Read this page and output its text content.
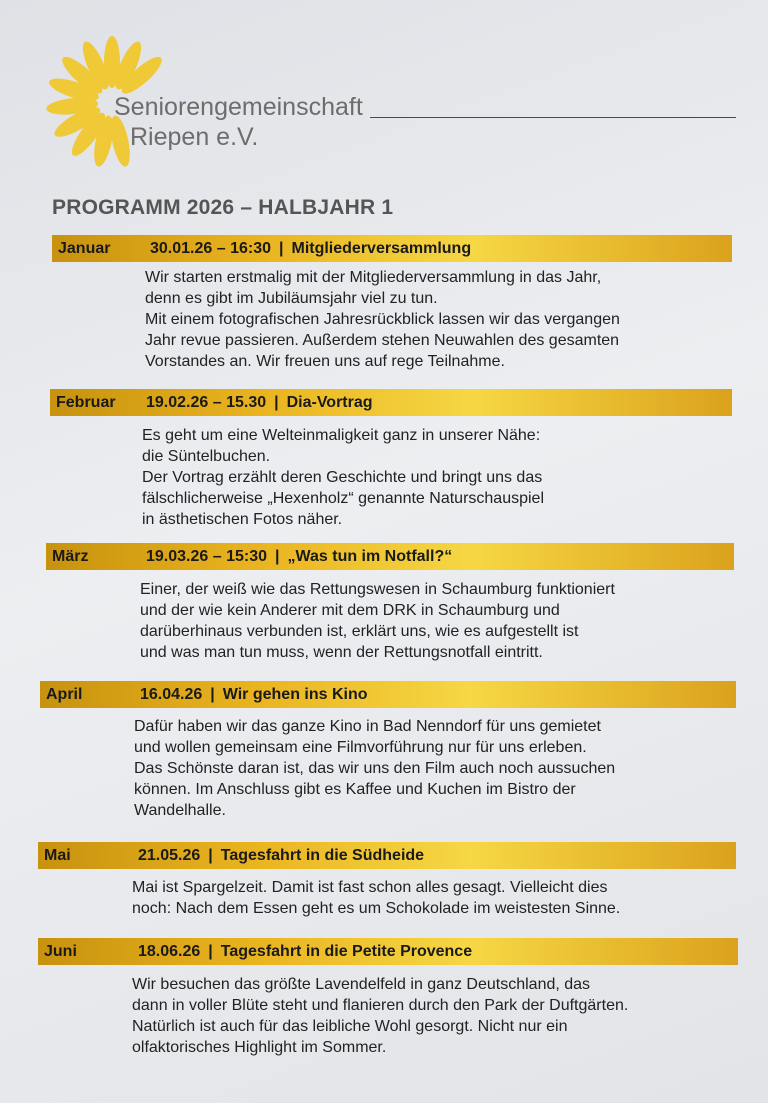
Seniorengemeinschaft
Riepen e.V.
PROGRAMM 2026 – HALBJAHR 1
Januar	30.01.26 – 16:30 | Mitgliederversammlung

Wir starten erstmalig mit der Mitgliederversammlung in das Jahr,
denn es gibt im Jubiläumsjahr viel zu tun.
Mit einem fotografischen Jahresrückblick lassen wir das vergangen
Jahr revue passieren. Außerdem stehen Neuwahlen des gesamten
Vorstandes an. Wir freuen uns auf rege Teilnahme.

Februar	19.02.26 – 15.30 | Dia-Vortrag

Es geht um eine Welteinmaligkeit ganz in unserer Nähe:
die Süntelbuchen.
Der Vortrag erzählt deren Geschichte und bringt uns das
fälschlicherweise „Hexenholz“ genannte Naturschauspiel
in ästhetischen Fotos näher.

März	19.03.26 – 15:30 | „Was tun im Notfall?“

Einer, der weiß wie das Rettungswesen in Schaumburg funktioniert
und der wie kein Anderer mit dem DRK in Schaumburg und
darüberhinaus verbunden ist, erklärt uns, wie es aufgestellt ist
und was man tun muss, wenn der Rettungsnotfall eintritt.

April	16.04.26 | Wir gehen ins Kino

Dafür haben wir das ganze Kino in Bad Nenndorf für uns gemietet
und wollen gemeinsam eine Filmvorführung nur für uns erleben.
Das Schönste daran ist, das wir uns den Film auch noch aussuchen
können. Im Anschluss gibt es Kaffee und Kuchen im Bistro der
Wandelhalle.

Mai	21.05.26 | Tagesfahrt in die Südheide

Mai ist Spargelzeit. Damit ist fast schon alles gesagt. Vielleicht dies
noch: Nach dem Essen geht es um Schokolade im weistesten Sinne.

Juni	18.06.26 | Tagesfahrt in die Petite Provence

Wir besuchen das größte Lavendelfeld in ganz Deutschland, das
dann in voller Blüte steht und flanieren durch den Park der Duftgärten.
Natürlich ist auch für das leibliche Wohl gesorgt. Nicht nur ein
olfaktorisches Highlight im Sommer.
